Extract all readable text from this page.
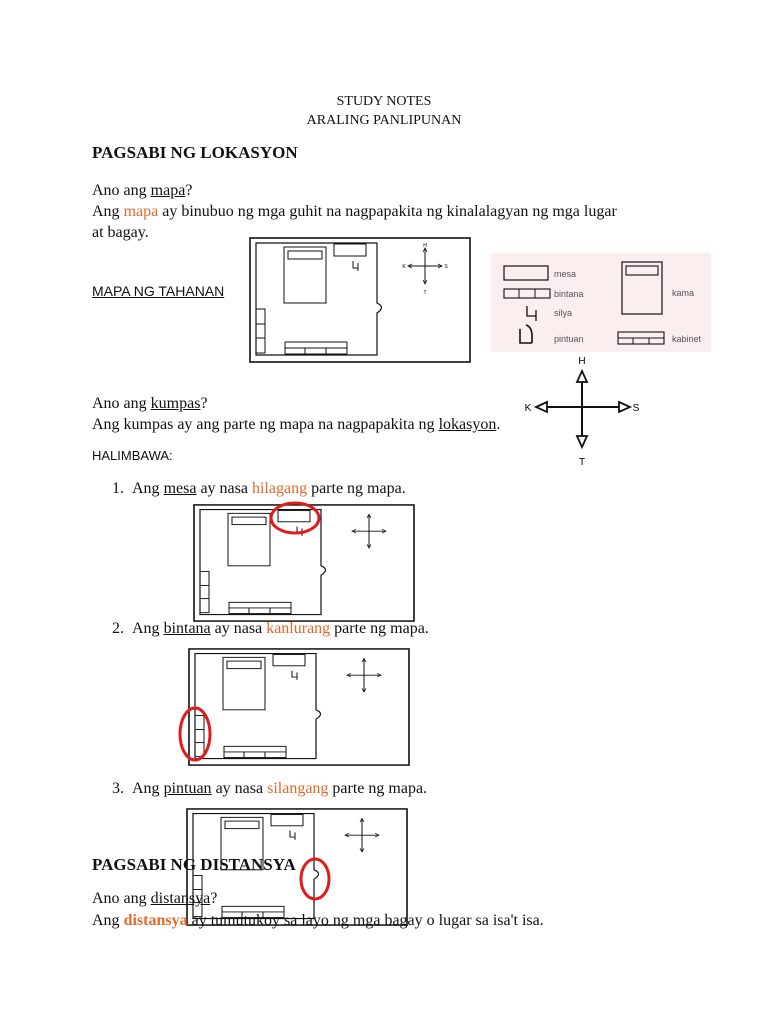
STUDY NOTES
ARALING PANLIPUNAN
PAGSABI NG LOKASYON
Ano ang mapa?
Ang mapa ay binubuo ng mga guhit na nagpapakita ng kinalalagyan ng mga lugar
at bagay.
MAPA NG TAHANAN
H
T
K	S
mesa
bintana
silya
pintuan
kama
kabinet
H
T
K	S
Ano ang kumpas?
Ang kumpas ay ang parte ng mapa na nagpapakita ng lokasyon.
HALIMBAWA:
1. Ang mesa ay nasa hilagang parte ng mapa.
2. Ang bintana ay nasa kanlurang parte ng mapa.
3. Ang pintuan ay nasa silangang parte ng mapa.
PAGSABI NG DISTANSYA
Ano ang distansya?
Ang distansya ay tumutukoy sa layo ng mga bagay o lugar sa isa't isa.
